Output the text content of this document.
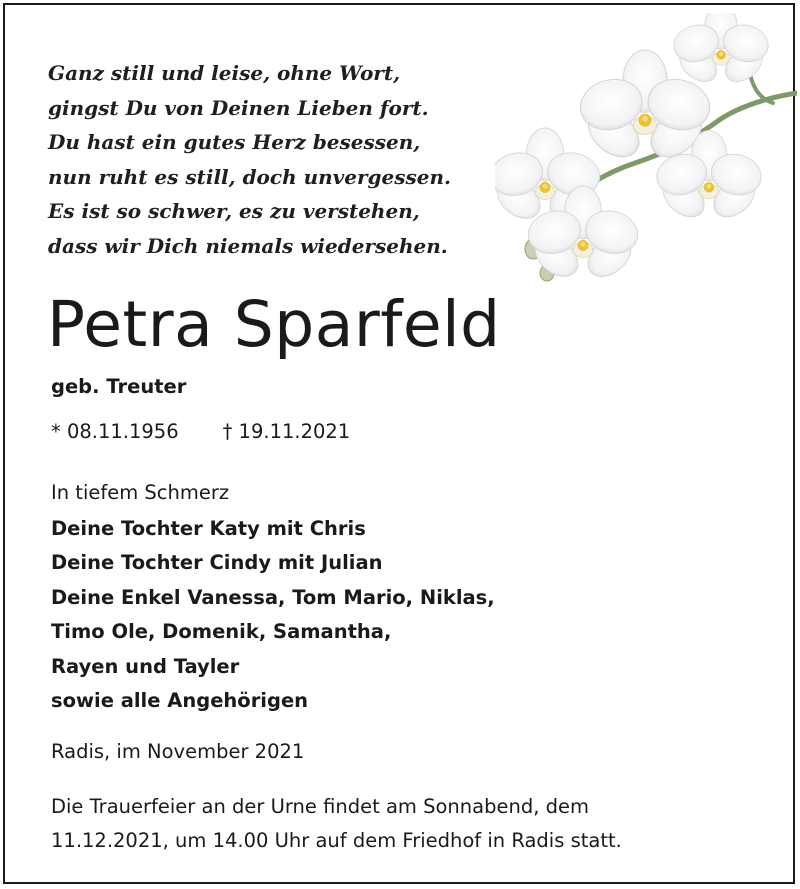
Ganz still und leise, ohne Wort,
gingst Du von Deinen Lieben fort.
Du hast ein gutes Herz besessen,
nun ruht es still, doch unvergessen.
Es ist so schwer, es zu verstehen,
dass wir Dich niemals wiedersehen.
Petra Sparfeld
geb. Treuter
* 08.11.1956 † 19.11.2021
In tiefem Schmerz
Deine Tochter Katy mit Chris
Deine Tochter Cindy mit Julian
Deine Enkel Vanessa, Tom Mario, Niklas,
Timo Ole, Domenik, Samantha,
Rayen und Tayler
sowie alle Angehörigen
Radis, im November 2021
Die Trauerfeier an der Urne findet am Sonnabend, dem
11.12.2021, um 14.00 Uhr auf dem Friedhof in Radis statt.
